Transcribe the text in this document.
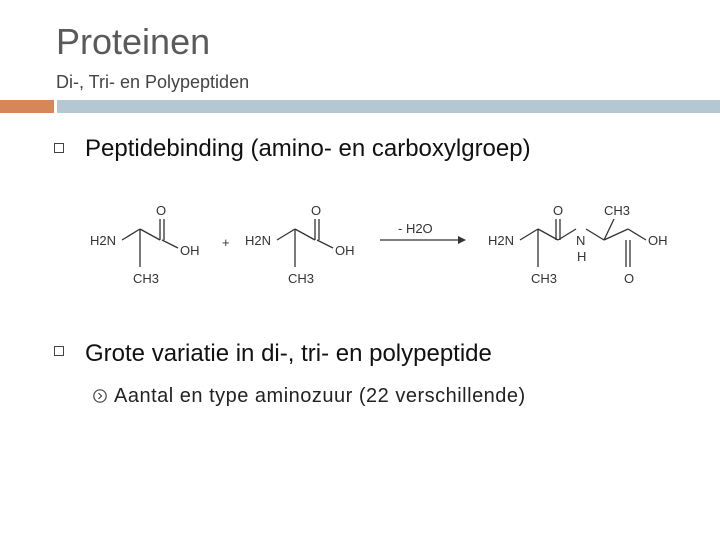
Proteinen
Di-, Tri- en Polypeptiden
Peptidebinding (amino- en carboxylgroep)
H2N
O
OH
CH3
+ H2N
O
OH
CH3
- H2O
H2N
O
N
H
CH3
OH
CH3	O
Grote variatie in di-, tri- en polypeptide
Aantal en type aminozuur (22 verschillende)
